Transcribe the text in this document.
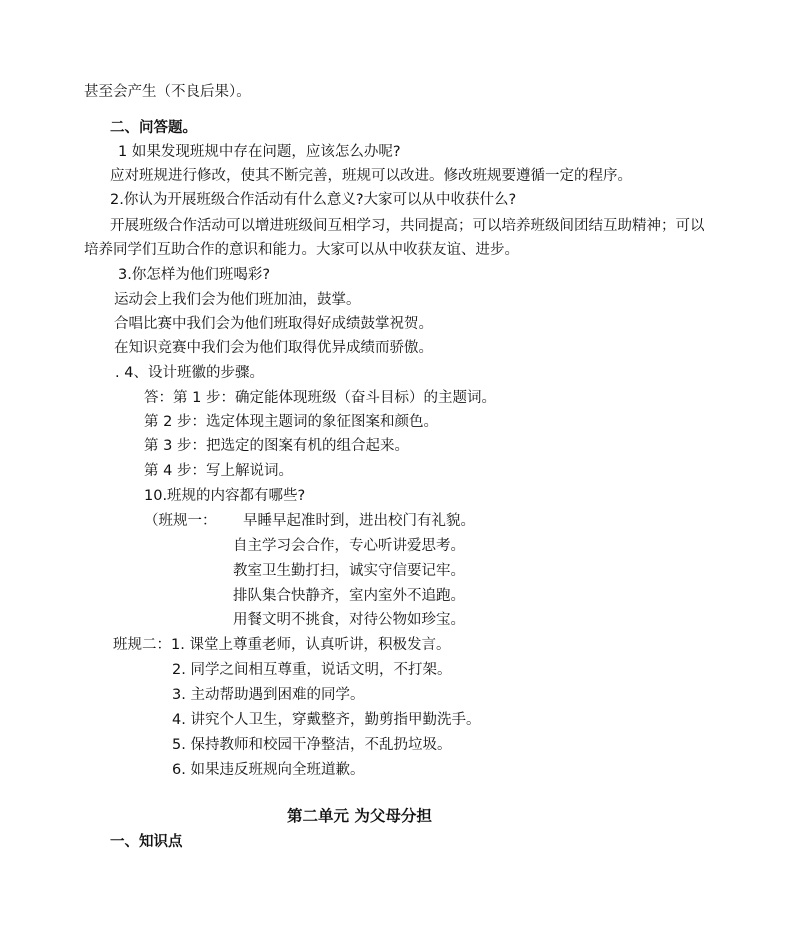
甚至会产生（不良后果）。
二、问答题。
1 如果发现班规中存在问题，应该怎么办呢?
应对班规进行修改，使其不断完善，班规可以改进。修改班规要遵循一定的程序。
2.你认为开展班级合作活动有什么意义?大家可以从中收获什么?
开展班级合作活动可以增进班级间互相学习，共同提高；可以培养班级间团结互助精神；可以
培养同学们互助合作的意识和能力。大家可以从中收获友谊、进步。
3.你怎样为他们班喝彩?
运动会上我们会为他们班加油，鼓掌。
合唱比赛中我们会为他们班取得好成绩鼓掌祝贺。
在知识竞赛中我们会为他们取得优异成绩而骄傲。
. 4、设计班徽的步骤。
答：第 1 步：确定能体现班级（奋斗目标）的主题词。
第 2 步：选定体现主题词的象征图案和颜色。
第 3 步：把选定的图案有机的组合起来。
第 4 步：写上解说词。
10.班规的内容都有哪些?
（班规一： 早睡早起准时到，进出校门有礼貌。
自主学习会合作，专心听讲爱思考。
教室卫生勤打扫，诚实守信要记牢。
排队集合快静齐，室内室外不追跑。
用餐文明不挑食，对待公物如珍宝。
班规二：1. 课堂上尊重老师，认真听讲，积极发言。
2. 同学之间相互尊重，说话文明，不打架。
3. 主动帮助遇到困难的同学。
4. 讲究个人卫生，穿戴整齐，勤剪指甲勤洗手。
5. 保持教师和校园干净整洁，不乱扔垃圾。
6. 如果违反班规向全班道歉。
第二单元 为父母分担
一、知识点
